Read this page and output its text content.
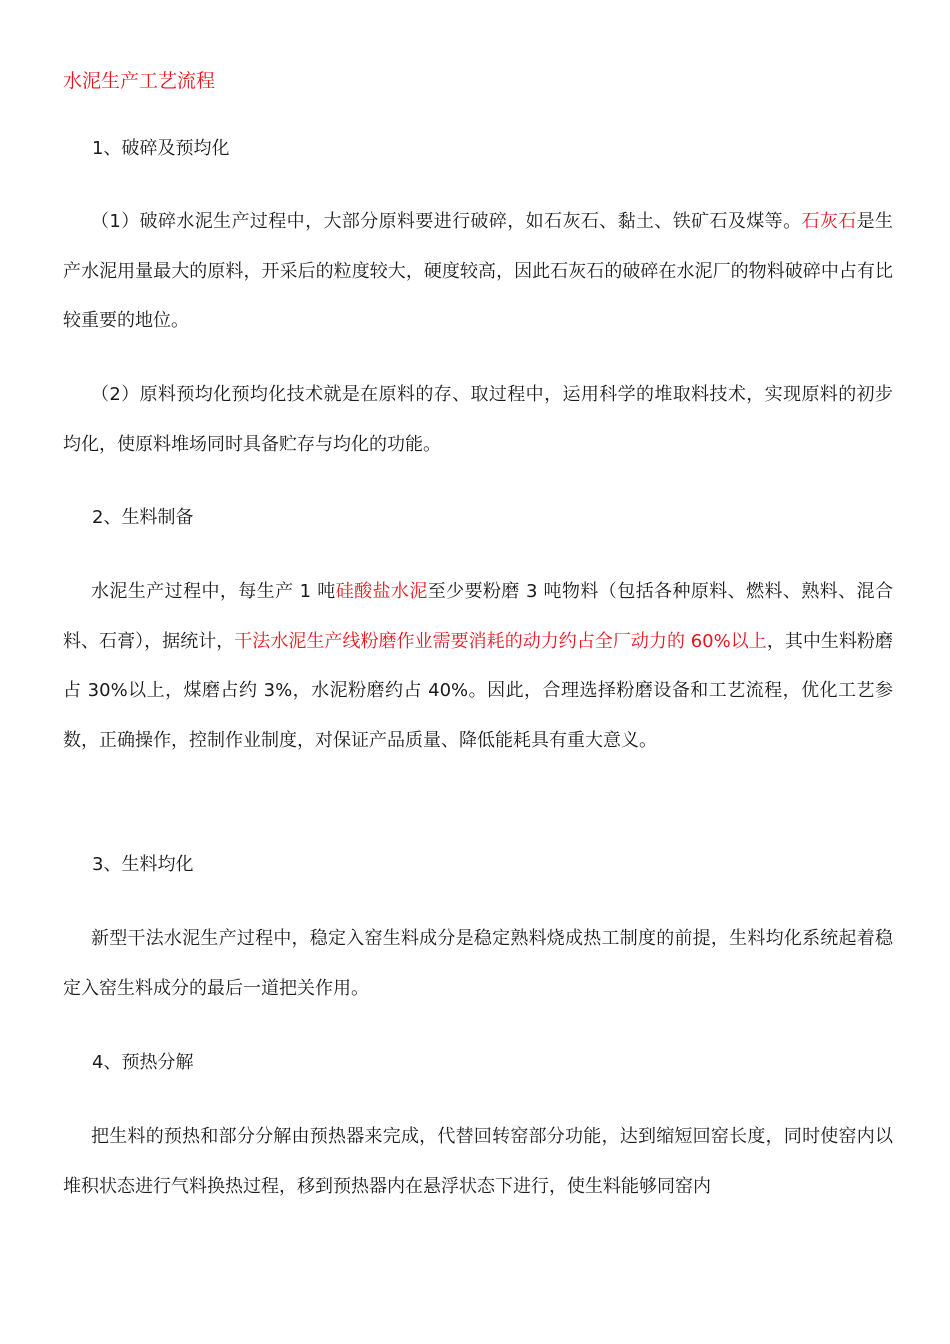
水泥生产工艺流程
1、破碎及预均化

（1）破碎水泥生产过程中，大部分原料要进行破碎，如石灰石、黏土、铁矿石及煤等。石灰石是生产水泥用量最大的原料，开采后的粒度较大，硬度较高，因此石灰石的破碎在水泥厂的物料破碎中占有比较重要的地位。

（2）原料预均化预均化技术就是在原料的存、取过程中，运用科学的堆取料技术，实现原料的初步均化，使原料堆场同时具备贮存与均化的功能。

2、生料制备

水泥生产过程中，每生产 1 吨硅酸盐水泥至少要粉磨 3 吨物料（包括各种原料、燃料、熟料、混合料、石膏），据统计，干法水泥生产线粉磨作业需要消耗的动力约占全厂动力的 60%以上，其中生料粉磨占 30%以上，煤磨占约 3%，水泥粉磨约占 40%。因此，合理选择粉磨设备和工艺流程，优化工艺参数，正确操作，控制作业制度，对保证产品质量、降低能耗具有重大意义。

3、生料均化

新型干法水泥生产过程中，稳定入窑生料成分是稳定熟料烧成热工制度的前提，生料均化系统起着稳定入窑生料成分的最后一道把关作用。

4、预热分解

把生料的预热和部分分解由预热器来完成，代替回转窑部分功能，达到缩短回窑长度，同时使窑内以堆积状态进行气料换热过程，移到预热器内在悬浮状态下进行，使生料能够同窑内
